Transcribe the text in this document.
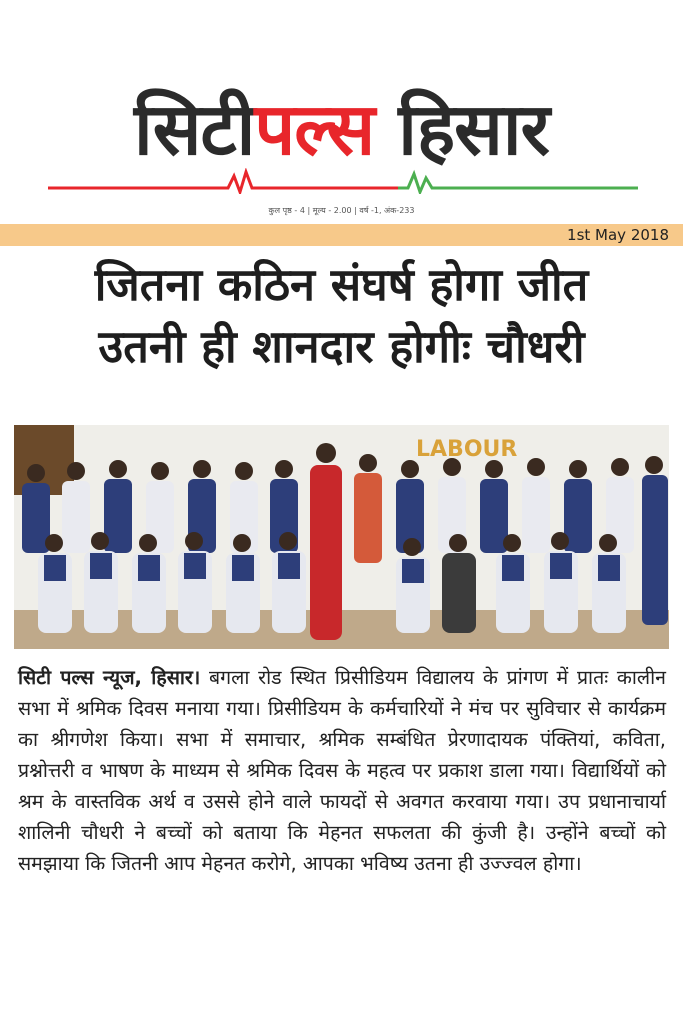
सिटीपल्स हिसार
कुल पृष्ठ - 4 | मूल्य - 2.00 | वर्ष -1, अंक-233
1st May 2018
जितना कठिन संघर्ष होगा जीत
उतनी ही शानदार होगीः चौधरी
LABOUR
सिटी पल्स न्यूज, हिसार। बगला रोड स्थित प्रिसीडियम विद्यालय के प्रांगण में प्रातः कालीन सभा में श्रमिक दिवस मनाया गया। प्रिसीडियम के कर्मचारियों ने मंच पर सुविचार से कार्यक्रम का श्रीगणेश किया। सभा में समाचार, श्रमिक सम्बंधित प्रेरणादायक पंक्तियां, कविता, प्रश्नोत्तरी व भाषण के माध्यम से श्रमिक दिवस के महत्व पर प्रकाश डाला गया। विद्यार्थियों को श्रम के वास्तविक अर्थ व उससे होने वाले फायदों से अवगत करवाया गया। उप प्रधानाचार्या शालिनी चौधरी ने बच्चों को बताया कि मेहनत सफलता की कुंजी है। उन्होंने बच्चों को समझाया कि जितनी आप मेहनत करोगे, आपका भविष्य उतना ही उज्ज्वल होगा।
